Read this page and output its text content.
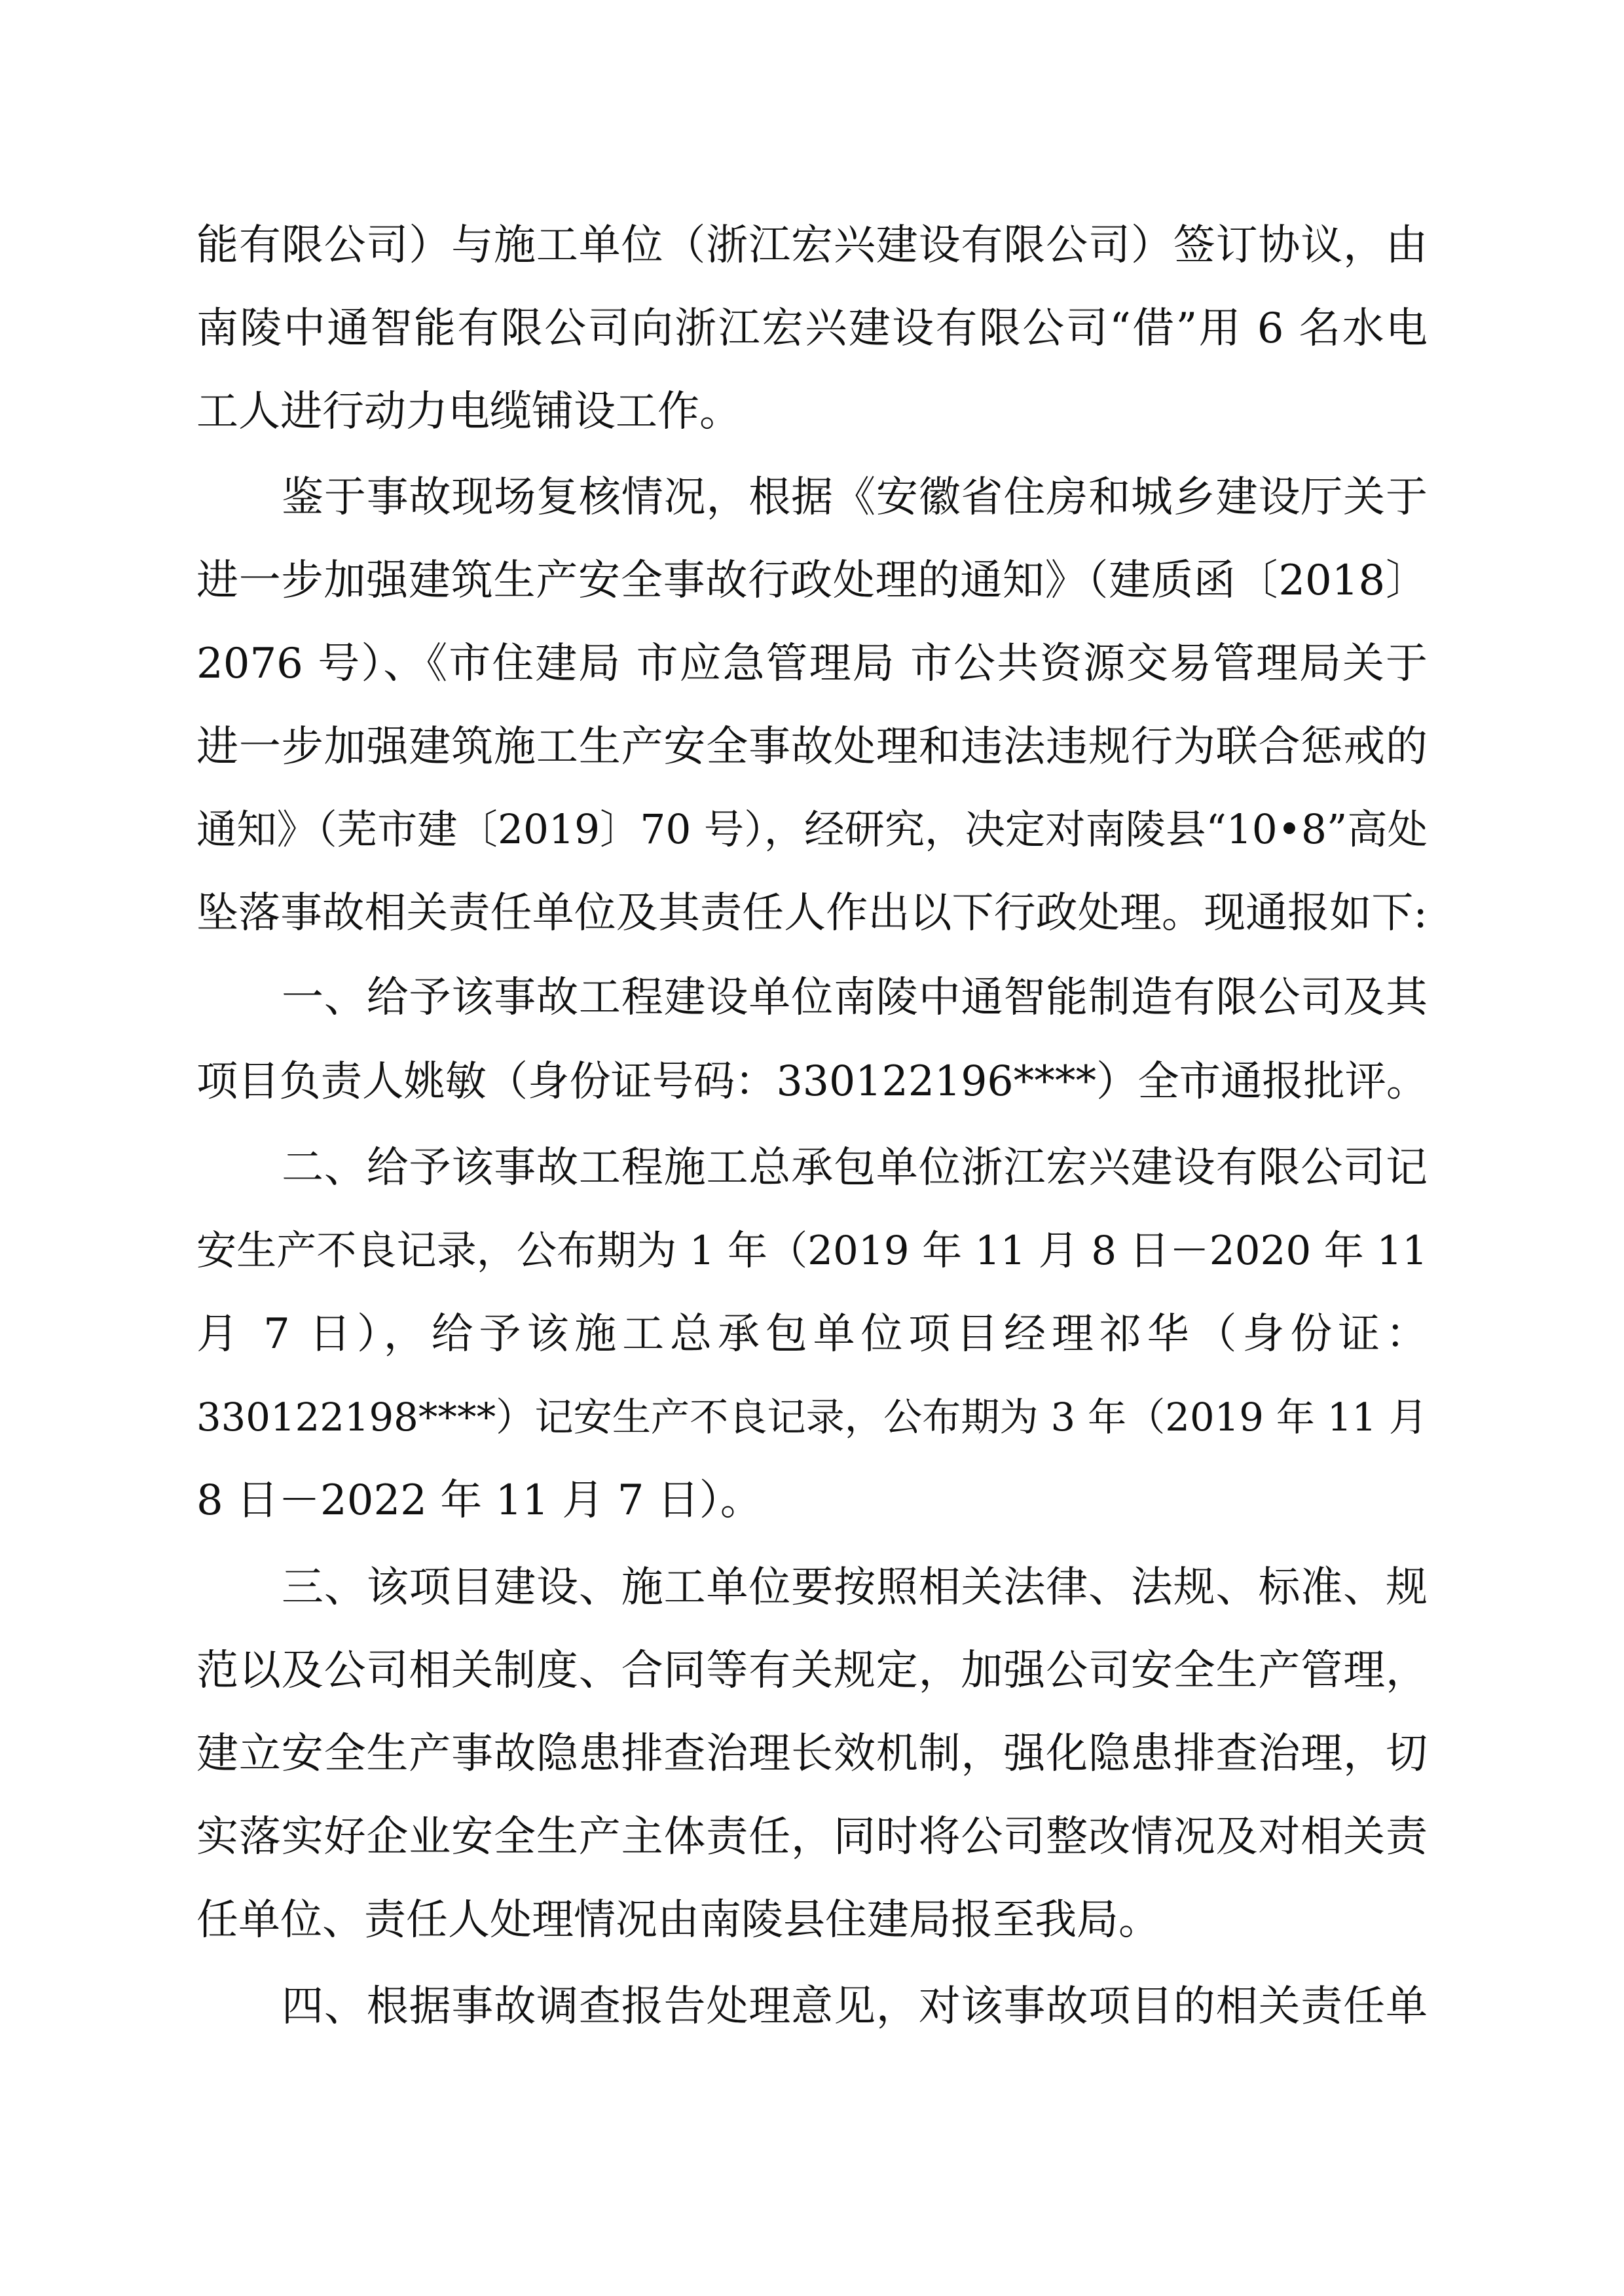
能有限公司）与施工单位（浙江宏兴建设有限公司）签订协议，由
南陵中通智能有限公司向浙江宏兴建设有限公司“借”用 6 名水电
工人进行动力电缆铺设工作。
鉴于事故现场复核情况，根据《安徽省住房和城乡建设厅关于
进一步加强建筑生产安全事故行政处理的通知》（建质函〔2018〕
2076 号）、《市住建局 市应急管理局 市公共资源交易管理局关于
进一步加强建筑施工生产安全事故处理和违法违规行为联合惩戒的
通知》（芜市建〔2019〕70 号），经研究，决定对南陵县“10•8”高处
坠落事故相关责任单位及其责任人作出以下行政处理。现通报如下:
一、给予该事故工程建设单位南陵中通智能制造有限公司及其
项目负责人姚敏（身份证号码：330122196****）全市通报批评。
二、给予该事故工程施工总承包单位浙江宏兴建设有限公司记
安生产不良记录，公布期为 1 年（2019 年 11 月 8 日－2020 年 11
月 7 日），给予该施工总承包单位项目经理祁华（身份证：
330122198****）记安生产不良记录，公布期为 3 年（2019 年 11 月
8 日－2022 年 11 月 7 日）。
三、该项目建设、施工单位要按照相关法律、法规、标准、规
范以及公司相关制度、合同等有关规定，加强公司安全生产管理，
建立安全生产事故隐患排查治理长效机制，强化隐患排查治理，切
实落实好企业安全生产主体责任，同时将公司整改情况及对相关责
任单位、责任人处理情况由南陵县住建局报至我局。
四、根据事故调查报告处理意见，对该事故项目的相关责任单
